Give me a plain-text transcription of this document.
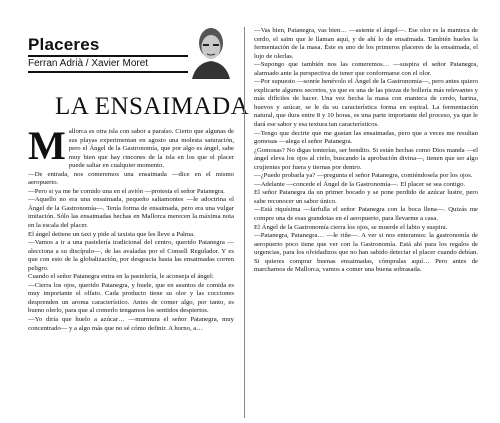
Placeres
Ferran Adrià / Xavier Moret
LA ENSAIMADA

Mallorca es otra isla con sabor a paraíso. Cierto que algunas de sus playas experimentan en agosto una molesta saturación, pero el Ángel de la Gastronomía, que por algo es ángel, sabe muy bien que hay rincones de la isla en los que el placer puede saltar en cualquier momento.

—De entrada, nos comeremos una ensaimada —dice en el mismo aeropuerto.

—Pero si ya me he comido una en el avión —protesta el señor Patanegra.

—Aquello no era una ensaimada, pequeño saltamontes —le adoctrina el Ángel de la Gastronomía—. Tenía forma de ensaimada, pero era una vulgar imitación. Sólo las ensaimadas hechas en Mallorca merecen la máxima nota en la escala del placer.

El ángel detiene un taxi y pide al taxista que les lleve a Palma.

—Vamos a ir a una pastelería tradicional del centro, querido Patanegra —alecciona a su discípulo—, de las avaladas por el Consell Regulador. Y es que con esto de la globalización, por desgracia hasta las ensaimadas corren peligro.

Cuando el señor Patanegra entra en la pastelería, le aconseja el ángel:

—Cierra los ojos, querido Patanegra, y huele, que en asuntos de comida es muy importante el olfato. Cada producto tiene su olor y las cocciones desprenden un aroma característico. Antes de comer algo, por tanto, es bueno olerlo, para que al comerlo tengamos los sentidos despiertos.

—Yo diría que huelo a azúcar… —murmura el señor Patanegra, muy concentrado— y a algo más que no sé cómo definir. A horno, a…

—Vas bien, Patanegra, vas bien… —asiente el ángel—. Ese olor es la manteca de cerdo, el saïm que le llaman aquí, y de ahí lo de ensaïmada. También hueles la fermentación de la masa. Éste es uno de los primeros placeres de la ensaimada, el lujo de olerlas.

—Supongo que también nos las comeremos… —suspira el señor Patanegra, alarmado ante la perspectiva de tener que conformarse con el olor.

—Por supuesto —sonríe benévolo el Ángel de la Gastronomía—, pero antes quiero explicarte algunos secretos, ya que es una de las piezas de bollería más relevantes y más difíciles de hacer. Una vez hecha la masa con manteca de cerdo, harina, huevos y azúcar, se le da su característica forma en espiral. La fermentación natural, que dura entre 8 y 10 horas, es una parte importante del proceso, ya que le dará ese sabor y esa textura tan característicos.

—Tengo que decirte que me gustan las ensaimadas, pero que a veces me resultan gomosas —alega el señor Patanegra.

¿Gomosas? No digas tonterías, ser bendito. Si están hechas como Dios manda —el ángel eleva los ojos al cielo, buscando la aprobación divina—, tienen que ser algo crujientes por fuera y tiernas por dentro.

—¿Puedo probarla ya? —pregunta el señor Patanegra, comiéndosela por los ojos.

—Adelante —concede el Ángel de la Gastronomía—. El placer se sea contigo.

El señor Patanegra da un primer bocado y se pone perdido de azúcar lustre, pero sabe reconocer un sabor único.

—Está riquísima —farfulla el señor Patanegra con la boca llena—. Quizás me compre una de esas grandotas en el aeropuerto, para llevarme a casa.

El Ángel de la Gastronomía cierra los ojos, se muerde el labio y suspira.

—Patanegra, Patanegra… —le riñe—. A ver si nos enteramos: la gastronomía de aeropuerto poco tiene que ver con la Gastronomía. Está ahí para los regalos de urgencias, para los olvidadizos que no han sabido detectar el placer cuando debían. Si quieres comprar buenas ensaimadas, cómpralas aquí… Pero antes de marcharnos de Mallorca, vamos a comer una buena sobrasada.
